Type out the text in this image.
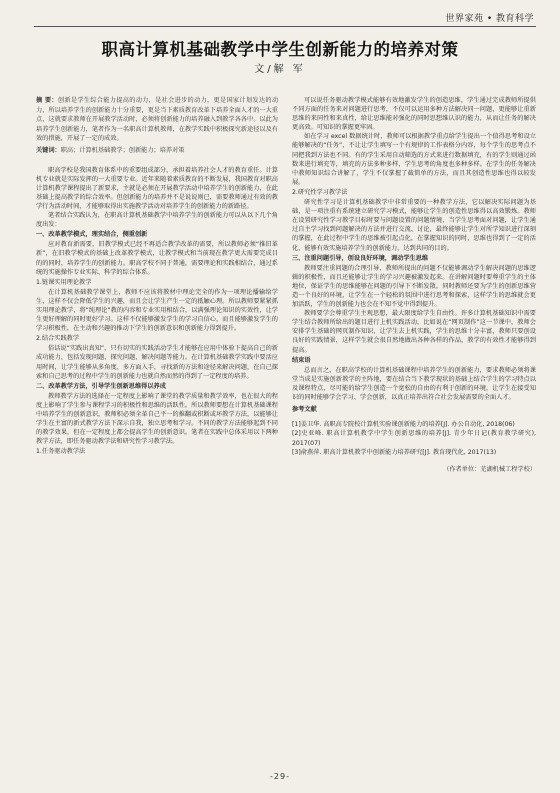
世界家苑 • 教育科学
职高计算机基础教学中学生创新能力的培养对策
文/解 军
摘 要：创新是学生综合能力提高的动力，是社会进步的动力，更是国家计划发达的动力，所以培养学生的创新能力十分重要，更是当下素质教育改革下培养全面人才的一大重点，这就要求教师在开展教学活动时，必须将创新能力的培养融入到教学各各中。以此为培养学生创新能力，笔者作为一名职高计算机教师，在教学实践中积极探究新途径以及有效的措施，开展了一定的成效。
关键词：职高；计算机基础教学；创新能力；培养对策

职高学校是我国教育体系中的重要组成部分，承担着培养社会人才的教育重任。计算机专业就是实际发挥的一大重要专业。近年来随着素质教育的不断发展，我国教育对职高计算机教学课程提出了新要求，主就是必须在开展教学活动中培养学生的创新能力，在此基础上提高教学的综合效率。但创新能力的培养并不是说说则已，需要教师通过有效的教学行为活动时间，才能够取得出实施教学活动对培养学生的创新能力的新路径。

笔者结合实践认为，在职高计算机基础教学中培养学生的创新能力可以从以下几个角度出发：

一、改革教学模式，理实结合，侧重创新

应对教育新需要，旧教学模式已经不再适合教学改革的需要，所以教师必须“推旧革新”，在旧教学模式的基础上改革教学模式，让教学模式和当前现在教学更大需要完成目的的同时，培养学生的创新能力。职高学校不同于普通，需要理论和实践相结合，通过系统的实施操作专业实际、科学的综合体系。

1.链课实用理论教学

在计算机基础教学课堂上，教师不应该将教材中理论完全的作为一项理论播输给学生，这样不仅会降低学生的兴趣，而且会让学生产生一定的抵触心理。所以教师要紧紧抓实用理论教学，将“纯理论”教的内容和专业实用相结合，以满强理论知识的实效性，让学生更好理解的同时更好学习。这样不仅能够激发学生的学习自信心，而且能够激发学生的学习积极性，在主动和兴趣的推动下学生的创新意识和创新能力得到提升。

2.结合实践教学

俗话说“实践出真知”，只有切实的实践活动学生才能够在应用中体验下提高自己的新成功能力，包括发现问题、探究问题、解决问题等能力。在计算机基础教学实践中要活应用时间，让学生能够从多角度、多方面入手，寻找新的方法和途径来解决问题，在自己探索和自己思考的过程中学生的创新能力也就自然而然的得到了一定程度的培养。

二、改革教学方法，引导学生创新思维得以养成

教师教学方法的选择在一定程度上影响了课堂的教学质量和教学效率，也在很大的程度上影响了学生参与课程学习的积极性和思维的活跃性。所以教师要想在计算机基础课程中培养学生的创新意识，教师积必须全革自己平一的推翻或积断或坏教学方法，以能够让学生在主富的新式教学方法下深示自我，独立思考和学习。不同的教学方法能够起到不同的教学效果，但在一定程度上都会提高学生的创新意识。笔者在实践中总体采用以下两种教学方法，即任务驱动教学法和研究性学习教学法。

1.任务驱动教学法

可以说任务驱动教学模式能够有效地激发学生的创造思维，学生通过完成教师所提供不同方面的任务来对问题进行思考，不仅可以运用多种方法解决同一问题，更能够让重新思维的来同性和来真性，给让思维能对强化的同时思想维认识的能力，从而让任务的解决更高效。可知识的掌握更牢固。

如在学习 excel 数据统计时，教师可以根据教学重点给学生提出一个值得思考和设立能够解决的“任务”，不让让学生填写一个有规律的工作表格分内容，每个学生的思考点不同把我到方法也不同。有的学生采用自动筛选的方式来进行数据填充，有的学生则通过函数来进行填充等，填充的方法多种多样，学生思考的角度也多种多样。在学生的任务解决中教师知识综合讲解了，学生不仅掌握了截简单的方法，而且其创造性思维也得以较发展。

2.研究性学习教学法

研究性学习是计算机基础教学中非常重要的一种教学方法，它以解决实际问题为基础，是一项注重有系统建立研究学习模式，能够让学生的创造性思维得以高效锻炼。教师在设置研究性学习教学目标时要与问题设置的问题情境，当学生思考面对问题，让学生通过自主学习找到问题解决的方法并进行交流、讨论，最终能够让学生对所学知识进行深刻的掌握，在此过程中学生的思维被引起点化，在掌握知识的同时，思维也得到了一定的活化，能够有效实施培养学生的创新能力，达到共同的目的。

三、注重问题引导，创设良好环境，调动学生思维

教师要注重问题的合理引导，教师所提出的问题不仅能够调动学生解决问题的思维逻辑的积极性，而且还能够让学生的学习兴趣被激发起来。在讲解问题时要尊重学生的主体地位，保证学生的思维能够在问题的引导下不断发散。同时教师还要为学生的创新思维营造一个良好的环境，让学生在一个轻松的氛围中进行思考和探索，这样学生的思维就会更加活跃，学生的创新能力也会在不知不觉中得到提升。

教师要学会尊重学生主观思想，最大限度给学生自由性。许多计算机基础知识中需要学生结合教师所给出的题目进行上机实践活动，比如说在“网页制作”这一节课中，教师会安排学生基础的网页制作知识，让学生去上机实践，学生的思维十分丰富，教师只要创设良好的实践情景，这样学生就会很自然地做出各种各样的作品，教学的有效性才能够得到提高。

结束语

总而言之，在职高学校的计算机基础课程中培养学生的创新能力，要求教师必须将课堂当成是实施创新教学的主阵地，要在结合当下教学现状的基础上结合学生的学习特点以及课程特点，尽可能的给学生创造一个宽松的自由的有利于创新的环境，让学生在接受知识的同时能够学会学习、学会创新，以真正培养出符合社会发展需要的全面人才。

参考文献

[1]姜卫华. 高职高专院校计算机实验课创新能力的培养[J]. 办公自动化, 2018(06)

[2]史亚峰. 职高计算机教学中学生创新思维的培养[J]. 青少年日记(教育教学研究), 2017(07)

[3]俞燕萍. 职高计算机教学中创新能力培养研究[J]. 教育现代化, 2017(13)

（作者单位：芜湖机械工程学校）

-29-
